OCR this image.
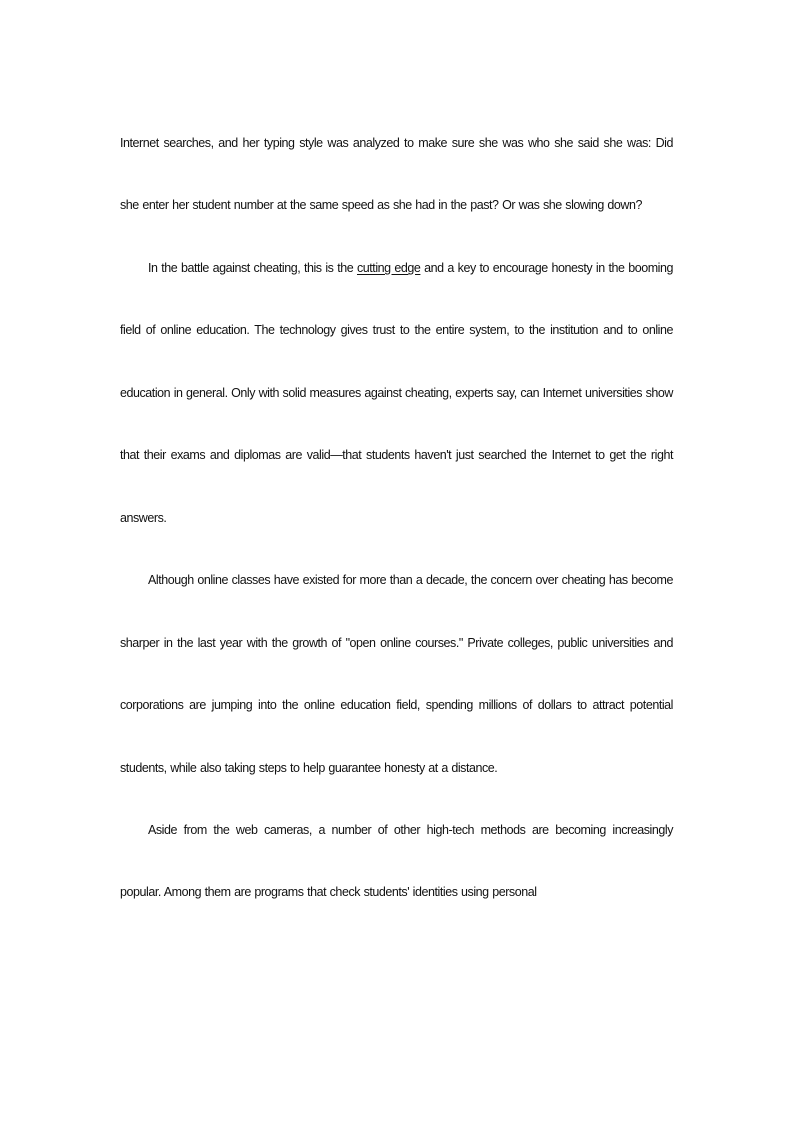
Internet searches, and her typing style was analyzed to make sure she was who she said she was: Did she enter her student number at the same speed as she had in the past? Or was she slowing down?

In the battle against cheating, this is the cutting edge and a key to encourage honesty in the booming field of online education. The technology gives trust to the entire system, to the institution and to online education in general. Only with solid measures against cheating, experts say, can Internet universities show that their exams and diplomas are valid—that students haven't just searched the Internet to get the right answers.

Although online classes have existed for more than a decade, the concern over cheating has become sharper in the last year with the growth of "open online courses." Private colleges, public universities and corporations are jumping into the online education field, spending millions of dollars to attract potential students, while also taking steps to help guarantee honesty at a distance.

Aside from the web cameras, a number of other high-tech methods are becoming increasingly popular. Among them are programs that check students' identities using personal
